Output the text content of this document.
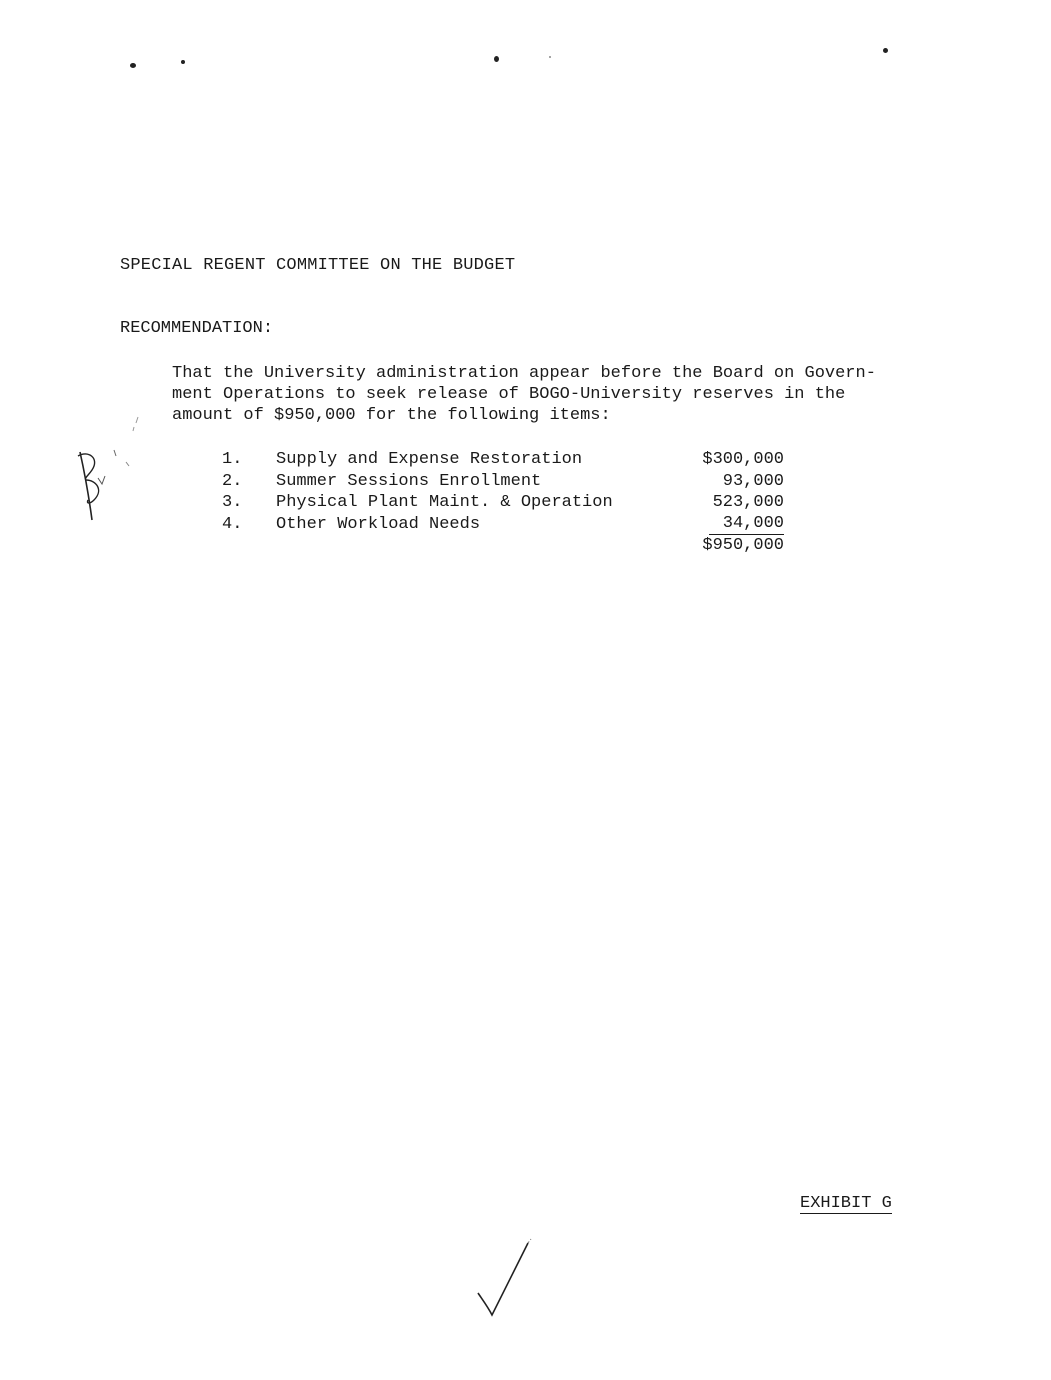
SPECIAL REGENT COMMITTEE ON THE BUDGET
RECOMMENDATION:
That the University administration appear before the Board on Govern-
ment Operations to seek release of BOGO-University reserves in the
amount of $950,000 for the following items:
1. Supply and Expense Restoration	$300,000
2. Summer Sessions Enrollment	93,000
3. Physical Plant Maint. & Operation	523,000
4. Other Workload Needs	34,000
$950,000
EXHIBIT G
